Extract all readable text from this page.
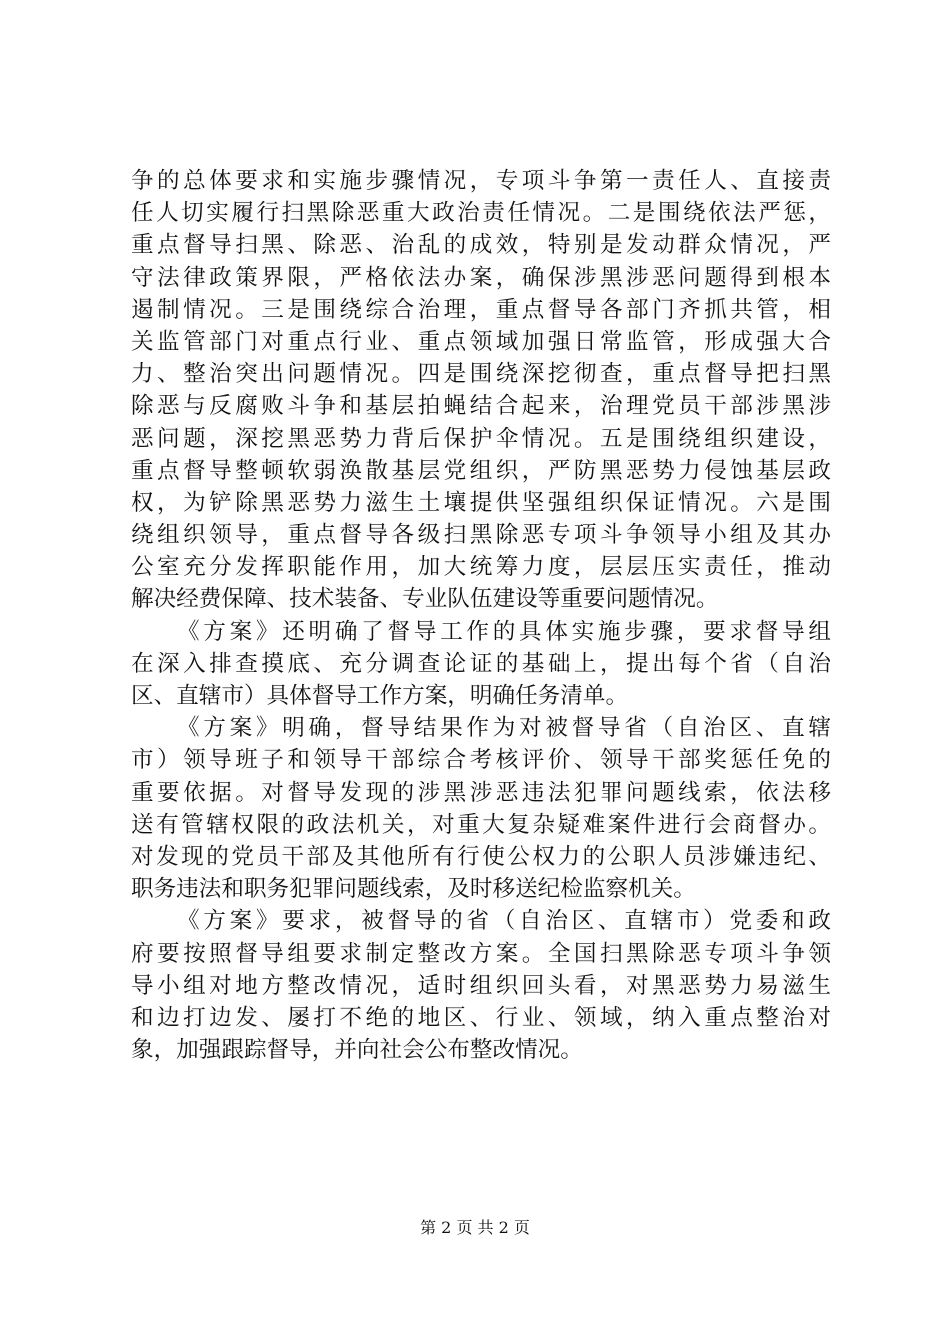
争的总体要求和实施步骤情况，专项斗争第一责任人、直接责
任人切实履行扫黑除恶重大政治责任情况。二是围绕依法严惩，
重点督导扫黑、除恶、治乱的成效，特别是发动群众情况，严
守法律政策界限，严格依法办案，确保涉黑涉恶问题得到根本
遏制情况。三是围绕综合治理，重点督导各部门齐抓共管，相
关监管部门对重点行业、重点领域加强日常监管，形成强大合
力、整治突出问题情况。四是围绕深挖彻查，重点督导把扫黑
除恶与反腐败斗争和基层拍蝇结合起来，治理党员干部涉黑涉
恶问题，深挖黑恶势力背后保护伞情况。五是围绕组织建设，
重点督导整顿软弱涣散基层党组织，严防黑恶势力侵蚀基层政
权，为铲除黑恶势力滋生土壤提供坚强组织保证情况。六是围
绕组织领导，重点督导各级扫黑除恶专项斗争领导小组及其办
公室充分发挥职能作用，加大统筹力度，层层压实责任，推动
解决经费保障、技术装备、专业队伍建设等重要问题情况。
《方案》还明确了督导工作的具体实施步骤，要求督导组
在深入排查摸底、充分调查论证的基础上，提出每个省（自治
区、直辖市）具体督导工作方案，明确任务清单。
《方案》明确，督导结果作为对被督导省（自治区、直辖
市）领导班子和领导干部综合考核评价、领导干部奖惩任免的
重要依据。对督导发现的涉黑涉恶违法犯罪问题线索，依法移
送有管辖权限的政法机关，对重大复杂疑难案件进行会商督办。
对发现的党员干部及其他所有行使公权力的公职人员涉嫌违纪、
职务违法和职务犯罪问题线索，及时移送纪检监察机关。
《方案》要求，被督导的省（自治区、直辖市）党委和政
府要按照督导组要求制定整改方案。全国扫黑除恶专项斗争领
导小组对地方整改情况，适时组织回头看，对黑恶势力易滋生
和边打边发、屡打不绝的地区、行业、领域，纳入重点整治对
象，加强跟踪督导，并向社会公布整改情况。
第 2 页 共 2 页
